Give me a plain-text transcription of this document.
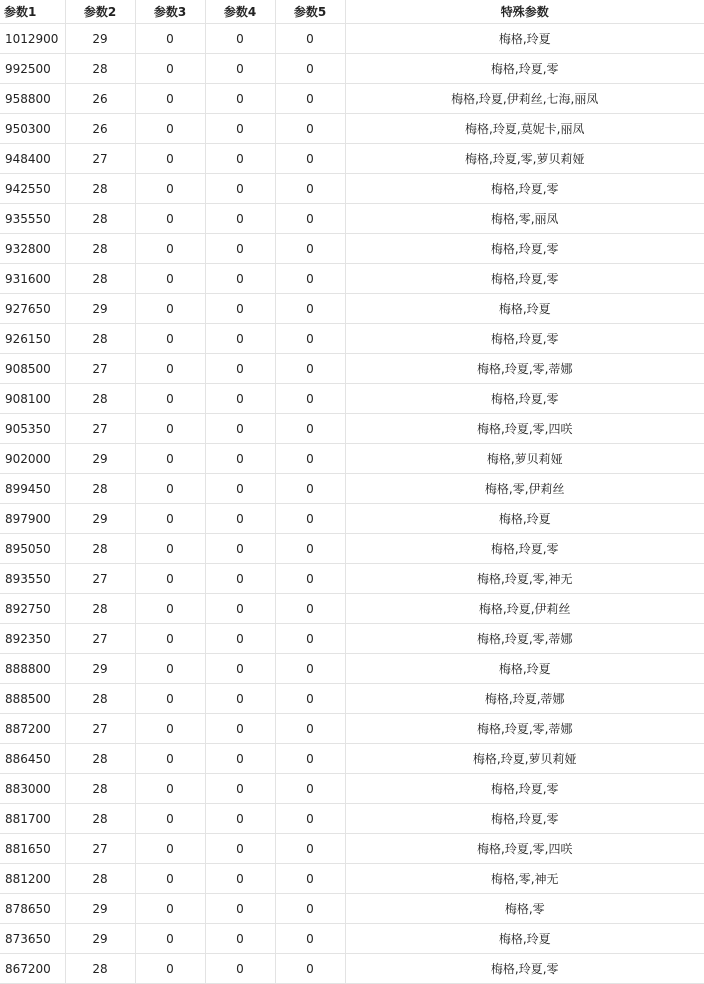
参数1	参数2	参数3	参数4	参数5	特殊参数
1012900	29	0	0	0	梅格,玲夏
992500	28	0	0	0	梅格,玲夏,零
958800	26	0	0	0	梅格,玲夏,伊莉丝,七海,丽凤
950300	26	0	0	0	梅格,玲夏,莫妮卡,丽凤
948400	27	0	0	0	梅格,玲夏,零,萝贝莉娅
942550	28	0	0	0	梅格,玲夏,零
935550	28	0	0	0	梅格,零,丽凤
932800	28	0	0	0	梅格,玲夏,零
931600	28	0	0	0	梅格,玲夏,零
927650	29	0	0	0	梅格,玲夏
926150	28	0	0	0	梅格,玲夏,零
908500	27	0	0	0	梅格,玲夏,零,蒂娜
908100	28	0	0	0	梅格,玲夏,零
905350	27	0	0	0	梅格,玲夏,零,四咲
902000	29	0	0	0	梅格,萝贝莉娅
899450	28	0	0	0	梅格,零,伊莉丝
897900	29	0	0	0	梅格,玲夏
895050	28	0	0	0	梅格,玲夏,零
893550	27	0	0	0	梅格,玲夏,零,神无
892750	28	0	0	0	梅格,玲夏,伊莉丝
892350	27	0	0	0	梅格,玲夏,零,蒂娜
888800	29	0	0	0	梅格,玲夏
888500	28	0	0	0	梅格,玲夏,蒂娜
887200	27	0	0	0	梅格,玲夏,零,蒂娜
886450	28	0	0	0	梅格,玲夏,萝贝莉娅
883000	28	0	0	0	梅格,玲夏,零
881700	28	0	0	0	梅格,玲夏,零
881650	27	0	0	0	梅格,玲夏,零,四咲
881200	28	0	0	0	梅格,零,神无
878650	29	0	0	0	梅格,零
873650	29	0	0	0	梅格,玲夏
867200	28	0	0	0	梅格,玲夏,零
